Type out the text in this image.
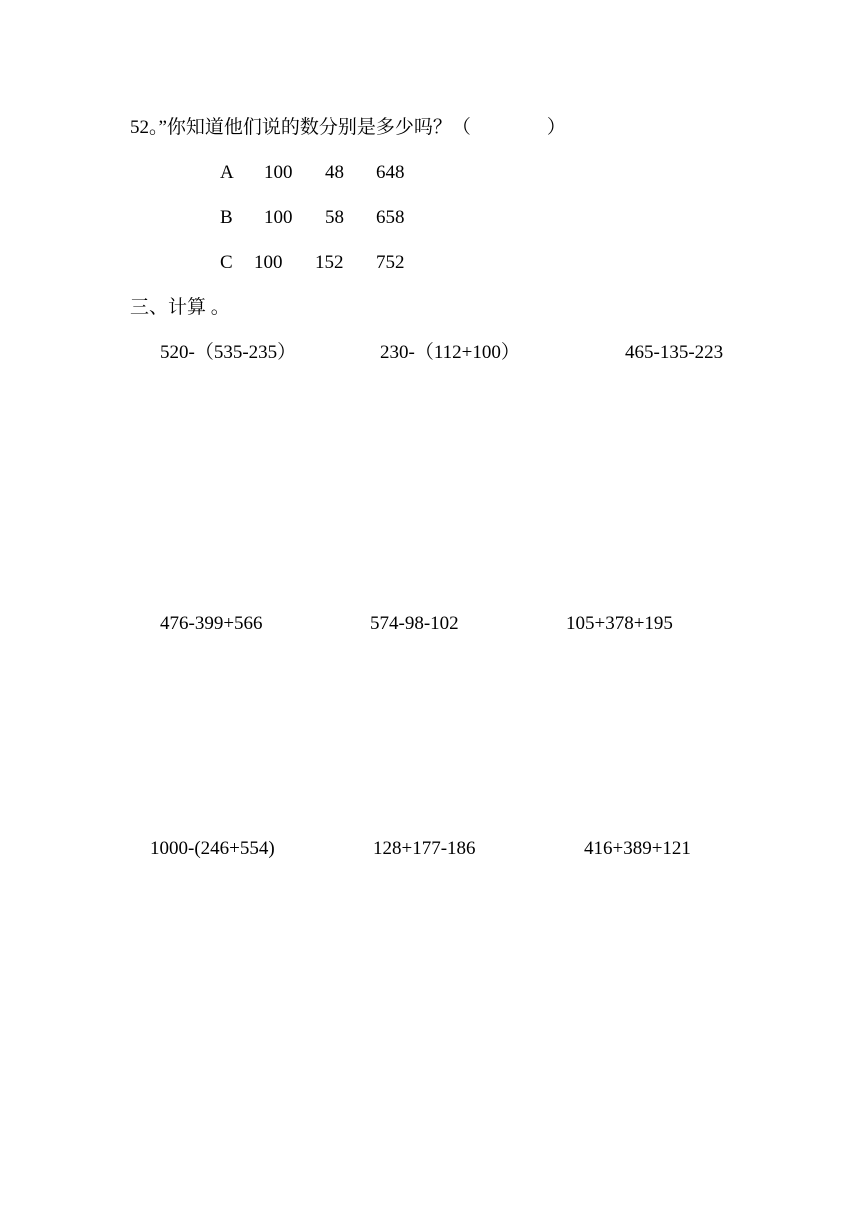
52。”你知道他们说的数分别是多少吗？（　　　　）
A 100 48 648
B 100 58 658
C 100 152 752
三、计算 。
520-（535-235）	230-（112+100）	465-135-223
476-399+566	574-98-102	105+378+195
1000-(246+554)	128+177-186	416+389+121
